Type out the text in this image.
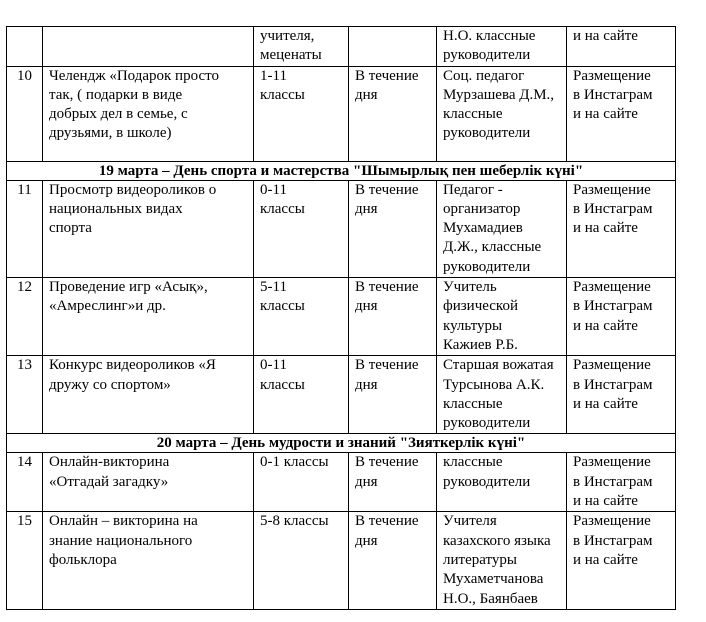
		учителя,
меценаты		Н.О. классные
руководители	и на сайте
10	Челендж «Подарок просто
так, ( подарки в виде
добрых дел в семье, с
друзьями, в школе)	1-11
классы	В течение
дня	Соц. педагог
Мурзашева Д.М.,
классные
руководители	Размещение
в Инстаграм
и на сайте
19 марта – День спорта и мастерства "Шымырлық пен шеберлік күні"					
11	Просмотр видеороликов о
национальных видах
спорта	0-11
классы	В течение
дня	Педагог -
организатор
Мухамадиев
Д.Ж., классные
руководители	Размещение
в Инстаграм
и на сайте
12	Проведение игр «Асық»,
«Амреслинг»и др.	5-11
классы	В течение
дня	Учитель
физической
культуры
Кажиев Р.Б.	Размещение
в Инстаграм
и на сайте
13	Конкурс видеороликов «Я
дружу со спортом»	0-11
классы	В течение
дня	Старшая вожатая
Турсынова А.К.
классные
руководители	Размещение
в Инстаграм
и на сайте
20 марта – День мудрости и знаний "Зияткерлік күні"					
14	Онлайн-викторина
«Отгадай загадку»	0-1 классы	В течение
дня	классные
руководители	Размещение
в Инстаграм
и на сайте
15	Онлайн – викторина на
знание национального
фольклора	5-8 классы	В течение
дня	Учителя
казахского языка
литературы
Мухаметчанова
Н.О., Баянбаев	Размещение
в Инстаграм
и на сайте
